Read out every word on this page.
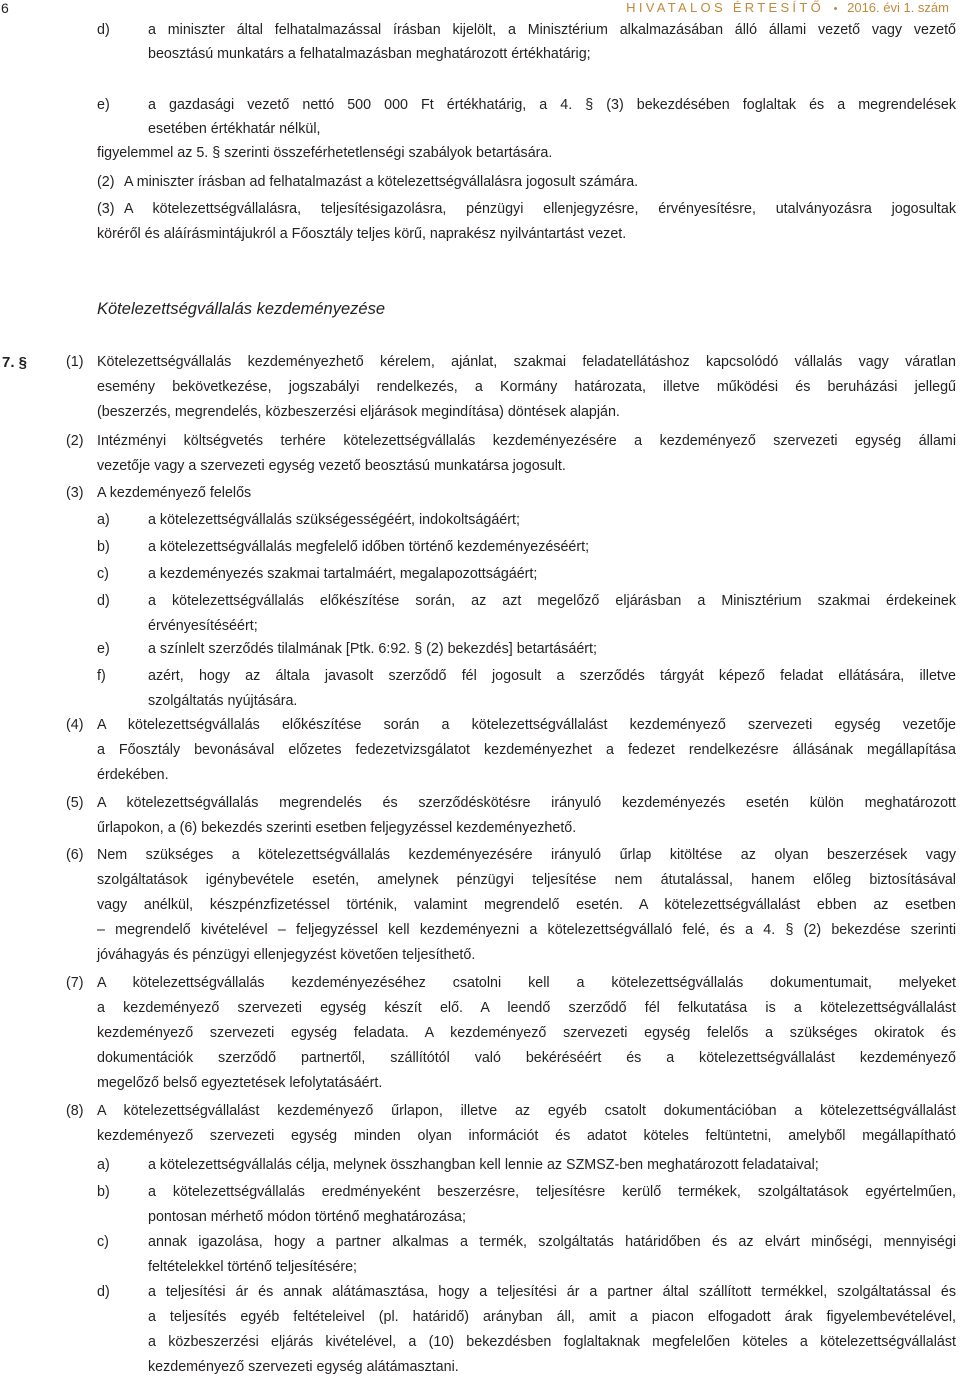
6	HIVATALOS ÉRTESÍTŐ • 2016. évi 1. szám
d)	a miniszter által felhatalmazással írásban kijelölt, a Minisztérium alkalmazásában álló állami vezető vagy vezető
beosztású munkatárs a felhatalmazásban meghatározott értékhatárig;
e)	a gazdasági vezető nettó 500 000 Ft értékhatárig, a 4. § (3) bekezdésében foglaltak és a megrendelések
esetében értékhatár nélkül,
figyelemmel az 5. § szerinti összeférhetetlenségi szabályok betartására.
(2) A miniszter írásban ad felhatalmazást a kötelezettségvállalásra jogosult számára.
(3) A kötelezettségvállalásra, teljesítésigazolásra, pénzügyi ellenjegyzésre, érvényesítésre, utalványozásra jogosultak
köréről és aláírásmintájukról a Főosztály teljes körű, naprakész nyilvántartást vezet.
(1) Kötelezettségvállalás kezdeményezhető kérelem, ajánlat, szakmai feladatellátáshoz kapcsolódó vállalás vagy váratlan
esemény bekövetkezése, jogszabályi rendelkezés, a Kormány határozata, illetve működési és beruházási jellegű
(beszerzés, megrendelés, közbeszerzési eljárások megindítása) döntések alapján.
(2) Intézményi költségvetés terhére kötelezettségvállalás kezdeményezésére a kezdeményező szervezeti egység állami
vezetője vagy a szervezeti egység vezető beosztású munkatársa jogosult.
(3) A kezdeményező felelős
a)	a kötelezettségvállalás szükségességéért, indokoltságáért;
b)	a kötelezettségvállalás megfelelő időben történő kezdeményezéséért;
c)	a kezdeményezés szakmai tartalmáért, megalapozottságáért;
d)	a kötelezettségvállalás előkészítése során, az azt megelőző eljárásban a Minisztérium szakmai érdekeinek
érvényesítéséért;
e)	a színlelt szerződés tilalmának [Ptk. 6:92. § (2) bekezdés] betartásáért;
f)	azért, hogy az általa javasolt szerződő fél jogosult a szerződés tárgyát képező feladat ellátására, illetve
szolgáltatás nyújtására.
(4) A kötelezettségvállalás előkészítése során a kötelezettségvállalást kezdeményező szervezeti egység vezetője
a Főosztály bevonásával előzetes fedezetvizsgálatot kezdeményezhet a fedezet rendelkezésre állásának megállapítása
érdekében.
(5) A kötelezettségvállalás megrendelés és szerződéskötésre irányuló kezdeményezés esetén külön meghatározott
űrlapokon, a (6) bekezdés szerinti esetben feljegyzéssel kezdeményezhető.
(6) Nem szükséges a kötelezettségvállalás kezdeményezésére irányuló űrlap kitöltése az olyan beszerzések vagy
szolgáltatások igénybevétele esetén, amelynek pénzügyi teljesítése nem átutalással, hanem előleg biztosításával
vagy anélkül, készpénzfizetéssel történik, valamint megrendelő esetén. A kötelezettségvállalást ebben az esetben
– megrendelő kivételével – feljegyzéssel kell kezdeményezni a kötelezettségvállaló felé, és a 4. § (2) bekezdése szerinti
jóváhagyás és pénzügyi ellenjegyzést követően teljesíthető.
(7) A kötelezettségvállalás kezdeményezéséhez csatolni kell a kötelezettségvállalás dokumentumait, melyeket
a kezdeményező szervezeti egység készít elő. A leendő szerződő fél felkutatása is a kötelezettségvállalást
kezdeményező szervezeti egység feladata. A kezdeményező szervezeti egység felelős a szükséges okiratok és
dokumentációk szerződő partnertől, szállítótól való bekéréséért és a kötelezettségvállalást kezdeményező
megelőző belső egyeztetések lefolytatásáért.
(8) A kötelezettségvállalást kezdeményező űrlapon, illetve az egyéb csatolt dokumentációban a kötelezettségvállalást
kezdeményező szervezeti egység minden olyan információt és adatot köteles feltüntetni, amelyből megállapítható
a)	a kötelezettségvállalás célja, melynek összhangban kell lennie az SZMSZ-ben meghatározott feladataival;
b)	a kötelezettségvállalás eredményeként beszerzésre, teljesítésre kerülő termékek, szolgáltatások egyértelműen,
pontosan mérhető módon történő meghatározása;
c)	annak igazolása, hogy a partner alkalmas a termék, szolgáltatás határidőben és az elvárt minőségi, mennyiségi
feltételekkel történő teljesítésére;
d)	a teljesítési ár és annak alátámasztása, hogy a teljesítési ár a partner által szállított termékkel, szolgáltatással és
a teljesítés egyéb feltételeivel (pl. határidő) arányban áll, amit a piacon elfogadott árak figyelembevételével,
a közbeszerzési eljárás kivételével, a (10) bekezdésben foglaltaknak megfelelően köteles a kötelezettségvállalást
kezdeményező szervezeti egység alátámasztani.
Kötelezettségvállalás kezdeményezése
7. §
